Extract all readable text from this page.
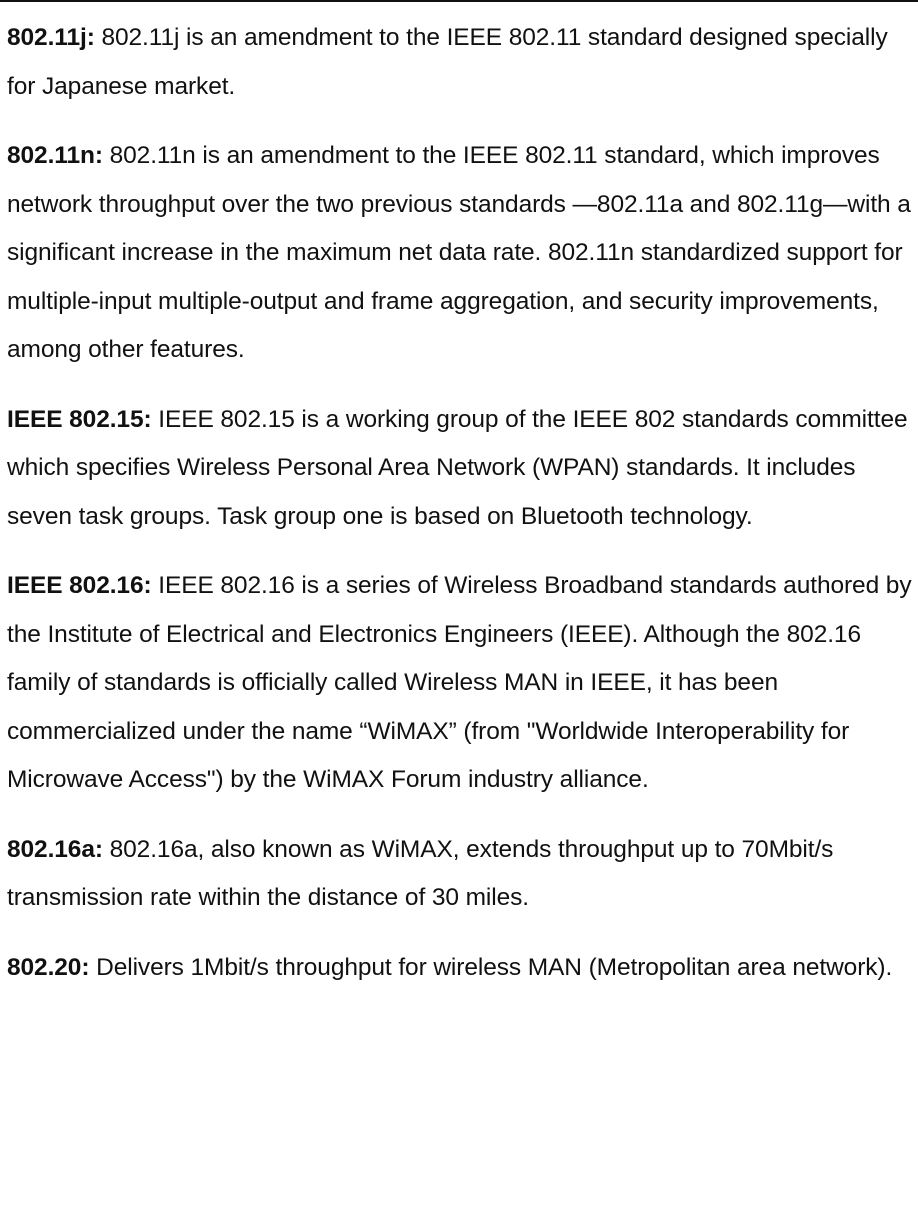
802.11j: 802.11j is an amendment to the IEEE 802.11 standard designed specially for Japanese market.

802.11n: 802.11n is an amendment to the IEEE 802.11 standard, which improves network throughput over the two previous standards —802.11a and 802.11g—with a significant increase in the maximum net data rate. 802.11n standardized support for multiple-input multiple-output and frame aggregation, and security improvements, among other features.

IEEE 802.15: IEEE 802.15 is a working group of the IEEE 802 standards committee which specifies Wireless Personal Area Network (WPAN) standards. It includes seven task groups. Task group one is based on Bluetooth technology.

IEEE 802.16: IEEE 802.16 is a series of Wireless Broadband standards authored by the Institute of Electrical and Electronics Engineers (IEEE). Although the 802.16 family of standards is officially called Wireless MAN in IEEE, it has been commercialized under the name “WiMAX” (from "Worldwide Interoperability for Microwave Access") by the WiMAX Forum industry alliance.

802.16a: 802.16a, also known as WiMAX, extends throughput up to 70Mbit/s transmission rate within the distance of 30 miles.

802.20: Delivers 1Mbit/s throughput for wireless MAN (Metropolitan area network).
